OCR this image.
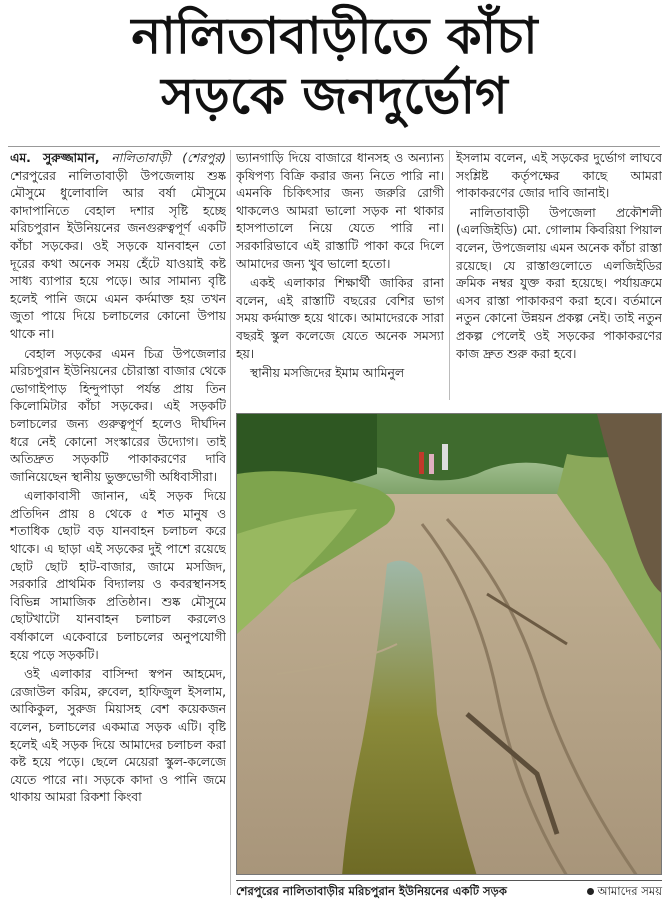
নালিতাবাড়ীতে কাঁচা
সড়কে জনদুর্ভোগ

এম. সুরুজ্জামান, নালিতাবাড়ী (শেরপুর) শেরপুরের নালিতাবাড়ী উপজেলায় শুষ্ক মৌসুমে ধুলোবালি আর বর্ষা মৌসুমে কাদাপানিতে বেহাল দশার সৃষ্টি হচ্ছে মরিচপুরান ইউনিয়নের জনগুরুত্বপূর্ণ একটি কাঁচা সড়কের। ওই সড়কে যানবাহন তো দূরের কথা অনেক সময় হেঁটে যাওয়াই কষ্ট সাধ্য ব্যাপার হয়ে পড়ে। আর সামান্য বৃষ্টি হলেই পানি জমে এমন কর্দমাক্ত হয় তখন জুতা পায়ে দিয়ে চলাচলের কোনো উপায় থাকে না।

বেহাল সড়কের এমন চিত্র উপজেলার মরিচপুরান ইউনিয়নের চৌরাস্তা বাজার থেকে ভোগাইপাড় হিন্দুপাড়া পর্যন্ত প্রায় তিন কিলোমিটার কাঁচা সড়কের। এই সড়কটি চলাচলের জন্য গুরুত্বপূর্ণ হলেও দীর্ঘদিন ধরে নেই কোনো সংস্কারের উদ্যোগ। তাই অতিদ্রুত সড়কটি পাকাকরণের দাবি জানিয়েছেন স্থানীয় ভুক্তভোগী অধিবাসীরা।

এলাকাবাসী জানান, এই সড়ক দিয়ে প্রতিদিন প্রায় ৪ থেকে ৫ শত মানুষ ও শতাধিক ছোট বড় যানবাহন চলাচল করে থাকে। এ ছাড়া এই সড়কের দুই পাশে রয়েছে ছোট ছোট হাট-বাজার, জামে মসজিদ, সরকারি প্রাথমিক বিদ্যালয় ও কবরস্থানসহ বিভিন্ন সামাজিক প্রতিষ্ঠান। শুষ্ক মৌসুমে ছোটখাটো যানবাহন চলাচল করলেও বর্ষাকালে একেবারে চলাচলের অনুপযোগী হয়ে পড়ে সড়কটি।

ওই এলাকার বাসিন্দা স্বপন আহমেদ, রেজাউল করিম, রুবেল, হাফিজুল ইসলাম, আকিকুল, সুরুজ মিয়াসহ বেশ কয়েকজন বলেন, চলাচলের একমাত্র সড়ক এটি। বৃষ্টি হলেই এই সড়ক দিয়ে আমাদের চলাচল করা কষ্ট হয়ে পড়ে। ছেলে মেয়েরা স্কুল-কলেজে যেতে পারে না। সড়কে কাদা ও পানি জমে থাকায় আমরা রিকশা কিংবা

ভ্যানগাড়ি দিয়ে বাজারে ধানসহ ও অন্যান্য কৃষিপণ্য বিক্রি করার জন্য নিতে পারি না। এমনকি চিকিৎসার জন্য জরুরি রোগী থাকলেও আমরা ভালো সড়ক না থাকার হাসপাতালে নিয়ে যেতে পারি না। সরকারিভাবে এই রাস্তাটি পাকা করে দিলে আমাদের জন্য খুব ভালো হতো।

একই এলাকার শিক্ষার্থী জাকির রানা বলেন, এই রাস্তাটি বছরের বেশির ভাগ সময় কর্দমাক্ত হয়ে থাকে। আমাদেরকে সারা বছরই স্কুল কলেজে যেতে অনেক সমস্যা হয়।

স্থানীয় মসজিদের ইমাম আমিনুল

ইসলাম বলেন, এই সড়কের দুর্ভোগ লাঘবে সংশ্লিষ্ট কর্তৃপক্ষের কাছে আমরা পাকাকরণের জোর দাবি জানাই।

নালিতাবাড়ী উপজেলা প্রকৌশলী (এলজিইডি) মো. গোলাম কিবরিয়া পিয়াল বলেন, উপজেলায় এমন অনেক কাঁচা রাস্তা রয়েছে। যে রাস্তাগুলোতে এলজিইডির ক্রমিক নম্বর যুক্ত করা হয়েছে। পর্যায়ক্রমে এসব রাস্তা পাকাকরণ করা হবে। বর্তমানে নতুন কোনো উন্নয়ন প্রকল্প নেই। তাই নতুন প্রকল্প পেলেই ওই সড়কের পাকাকরণের কাজ দ্রুত শুরু করা হবে।

শেরপুরের নালিতাবাড়ীর মরিচপুরান ইউনিয়নের একটি সড়ক	আমাদের সময়
